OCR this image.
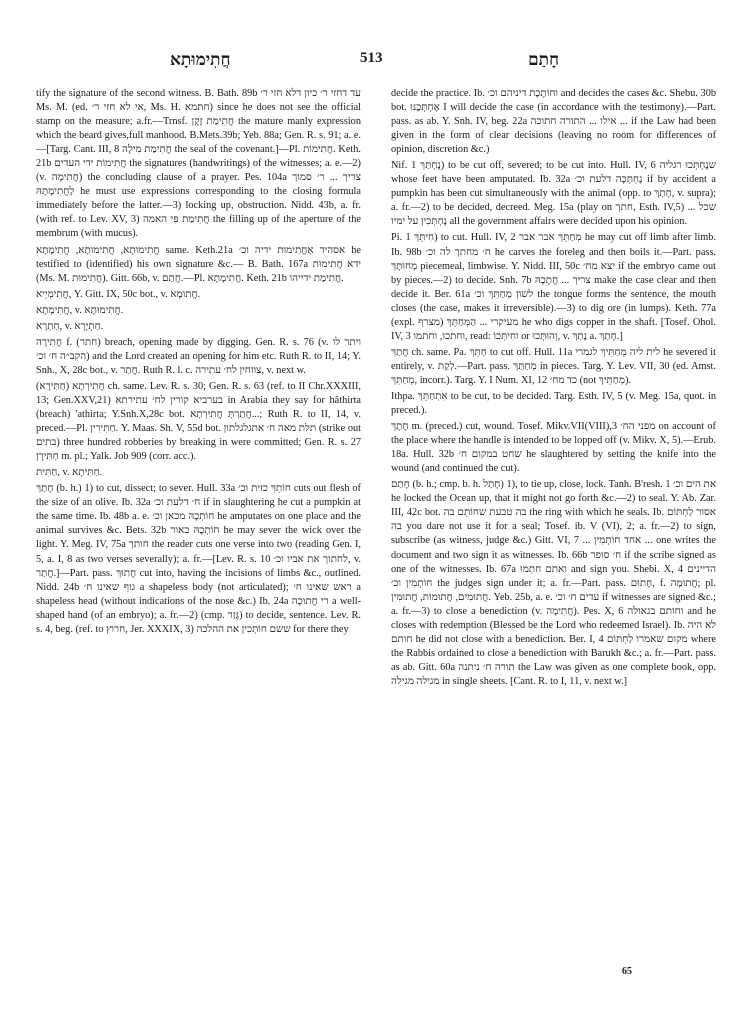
חֲתִימוּתָא	513	חָתַם

tify the signature of the second witness. B. Bath. 89b עד דחזי ר׳ כיון דלא חזי ר׳ Ms. M. (ed. אי לא חזי ר׳, Ms. H. חתמא) since he does not see the official stamp on the measure; a.fr.—Trnsf. חֲתִימַת זָקָן the mature manly expression which the beard gives,full manhood. B.Mets.39b; Yeb. 88a; Gen. R. s. 91; a. e.—[Targ. Cant. III, 8 חֲתִימַת מִילָה the seal of the covenant.]—Pl. חֲתִימוֹת. Keth. 21b חֲתִימוֹת ידי העדים the signatures (handwritings) of the witnesses; a. e.—2) (v. חֲתִימָה) the concluding clause of a prayer. Pes. 104a צריך ... ר׳ סמוך לַחֲתִימָתָהּ he must use expressions corresponding to the closing formula immediately before the latter.—3) locking up, obstruction. Nidd. 43b, a. fr. (with ref. to Lev. XV, 3) חֲתִימַת פִּי האמה the filling up of the aperture of the membrum (with mucus).

חֲתִימוּתָא, חֲתִימוּתָא, חֲתִימָתָא same. Keth.21a אסהיד אַחֲתִימוּת ידיה וכ׳ he testified to (identified) his own signature &c.— B. Bath. 167a ידא חֲתִימוּת (Ms. M. חֲתִימוּת). Gitt. 66b, v. חֲתַם.—Pl. חֲתִימָתָא. Keth. 21b חֲתִימַת ידייהו.

חֲתִימְיֵיא, Y. Gitt. IX, 50c bot., v. חֲתוּמָא.

חֲתִימָתָא, v. חֲתִימוּתָא.

חַתְרָא, v. חַתְיְרָא.

חֲתִירָה f. (חתר) breach, opening made by digging. Gen. R. s. 76 (v. ויתר לו הקב״ה ח׳ וכ׳) and the Lord created an opening for him etc. Ruth R. to II, 14; Y. Snh., X, 28c bot., v. חֲתַר. Ruth R. l. c. צווחין לח׳ עתירה, v. next w.

חֲתִירְתָא (חַתִּירָא) ch. same. Lev. R. s. 30; Gen. R. s. 63 (ref. to II Chr.XXXIII, 13; Gen.XXV,21) בערביא קורין לח׳ עתירתא in Arabia they say for hăthirta (breach) 'athirta; Y.Snh.X,28c bot. חֲתַרְתְּ חֲתִירְתָא...; Ruth R. to II, 14, v. preced.—Pl. חַתִּירִין. Y. Maas. Sh. V, 55d bot. תלת מאה ח׳ אתגלגלתון (strike out בתים) three hundred robberies by breaking in were committed; Gen. R. s. 27 חַתִּירָן m. pl.; Yalk. Job 909 (corr. acc.).

חַתִּית, v. חַתִּיתָא.

חָתַךְ (b. h.) 1) to cut, dissect; to sever. Hull. 33a חוֹתֵךְ כזית וכ׳ cuts out flesh of the size of an olive. Ib. 32a ח׳ דלעת וכ׳ if in slaughtering he cut a pumpkin at the same time. Ib. 48b a. e. חוֹתְכָהּ מכאן וכ׳ he amputates on one place and the animal survives &c. Bets. 32b חוֹתְכָהּ באור he may sever the wick over the light. Y. Meg. IV, 75a חותך the reader cuts one verse into two (reading Gen. I, 5, a. I, 8 as two verses severally); a. fr.—[Lev. R. s. 10 לחתוך את אביו וכ׳, v. חֲתַר.]—Part. pass. חָתוּךְ cut into, having the incisions of limbs &c., outlined. Nidd. 24b גוף שאינו ח׳ a shapeless body (not articulated); ראש שאינו ח׳ a shapeless head (without indications of the nose &c.) Ib. 24a רי חֲתוּכָה a well-shaped hand (of an embryo); a. fr.—2) (cmp. גָּזַר) to decide, sentence. Lev. R. s. 4, beg. (ref. to חרוץ, Jer. XXXIX, 3) ששם חוֹתְכִין את ההלכה for there they

decide the practice. Ib. וחוֹתֶכֶת דיניהם וכ׳ and decides the cases &c. Shebu. 30b bot. אֶחְתְּכֶנּוּ I will decide the case (in accordance with the testimony).—Part. pass. as ab. Y. Snh. IV, beg. 22a אילו ... התורה חתוכה ... if the Law had been given in the form of clear decisions (leaving no room for differences of opinion, discretion &c.)

Nif. נֶחְתַּךְ 1) to be cut off, severed; to be cut into. Hull. IV, 6 שנֶחְתְּכוּ רגליה whose feet have been amputated. Ib. 32a נֶחְתְּכָה דלעת וכ׳ if by accident a pumpkin has been cut simultaneously with the animal (opp. to חָתַךְ, v. supra); a. fr.—2) to be decided, decreed. Meg. 15a (play on חתך, Esth. IV,5) שכל ... נֶחְתְּכִין על ימיו all the government affairs were decided upon his opinion.

Pi. חִיתֵּךְ 1) to cut. Hull. IV, 2 מְחַתֵּךְ אבר אבר he may cut off limb after limb. Ib. 98b ח׳ מחתך לה וכ׳ he carves the foreleg and then boils it.—Part. pass. מְחוּתָּךְ piecemeal, limbwise. Y. Nidd. III, 50c יצא מח׳ if the embryo came out by pieces.—2) to decide. Snh. 7b צריך ... חֲתָכָהּ make the case clear and then decide it. Ber. 61a לשון מְחַתֵּךְ וכ׳ the tongue forms the sentence, the mouth closes (the case, makes it irreversible).—3) to dig ore (in lumps). Keth. 77a (expl. מצרף) מעיקרי ... הַמְּחַתֵּךְ he who digs copper in the shaft. [Tosef. Ohol. IV, 3 וחתכו, וחתמו, read: וחִיתְּכוֹ or וְהוּתְּכוּ, v. נָתַךְ a. חָתַךְ.]

חֲתַךְ ch. same. Pa. חַתֵּךְ to cut off. Hull. 11a לית ליה מְחַתֵּיךְ לגמרי he severed it entirely, v. לְקַת.—Part. pass. מְחַתַּךְ in pieces. Targ. Y. Lev. VII, 30 (ed. Amst. מְחַתֵּךְ, incorr.). Targ. Y. I Num. XI, 12 כד מח׳ (not מְחַתֵּיךְ).

Ithpa. אִתְחַתֵּךְ to be cut, to be decided. Targ. Esth. IV, 5 (v. Meg. 15a, quot. in preced.).

חֶתֶךְ m. (preced.) cut, wound. Tosef. Mikv.VII(VIII),3 מפני הח׳ on account of the place where the handle is intended to be lopped off (v. Mikv. X, 5).—Erub. 18a. Hull. 32b שחט במקום ח׳ he slaughtered by setting the knife into the wound (and continued the cut).

חָתַם (b. h.; cmp. b. h. חָתַל) 1), to tie up, close, lock. Tanh. B'resh. 1 את הים וכ׳ he locked the Ocean up, that it might not go forth &c.—2) to seal. Y. Ab. Zar. III, 42c bot. בה טבעת שחוֹתֵם בה the ring with which he seals. Ib. אסור לַחְתּוֹם בה you dare not use it for a seal; Tosef. ib. V (VI), 2; a. fr.—2) to sign, subscribe (as witness, judge &c.) Gitt. VI, 7 ... אחד חוֹתְמִין ... one writes the document and two sign it as witnesses. Ib. 66b ח׳ סופר if the scribe signed as one of the witnesses. Ib. 67a ואתם חִתְמוּ and sign you. Shebi. X, 4 הדיינים חוֹתְמִין וכ׳ the judges sign under it; a. fr.—Part. pass. חָתוּם, f. חֲתוּמָה; pl. חֲתוּמִים, חֲתוּמוֹת, חֲתוּמִין. Yeb. 25b, a. e. עדים ח׳ וכ׳ if witnesses are signed &c.; a. fr.—3) to close a benediction (v. חֲתִימָה). Pes. X, 6 וחותם בגאולה and he closes with redemption (Blessed be the Lord who redeemed Israel). Ib. לא היה חותם he did not close with a benediction. Ber. I, 4 מקום שאמרו לַחְתּוֹם where the Rabbis ordained to close a benediction with Barukh &c.; a. fr.—Part. pass. as ab. Gitt. 60a תורה ח׳ ניתנה the Law was given as one complete book, opp. מגילה מגילה in single sheets. [Cant. R. to I, 11, v. next w.]

65
